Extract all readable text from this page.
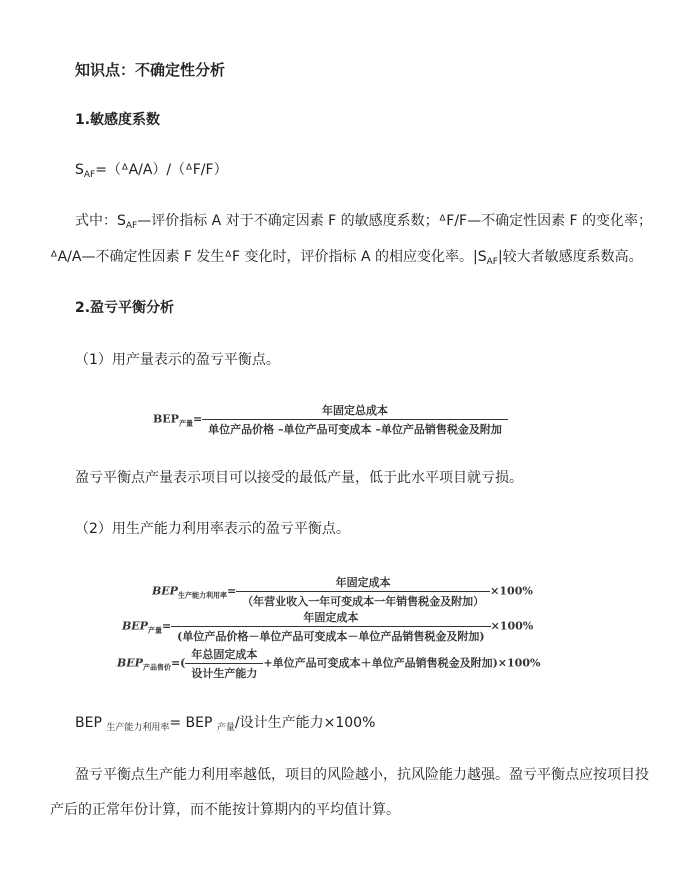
知识点：不确定性分析
1.敏感度系数
$S_{AF}=(ᐞA/A)/(ᐞF/F)$
式中：$S_{AF}—$评价指标 A 对于不确定因素 F 的敏感度系数；ᐞF/F—不确定性因素 F 的变化率；
ᐞA/A—不确定性因素 F 发生ᐞF 变化时，评价指标 A 的相应变化率。$|S_{AF}|$较大者敏感度系数高。
2.盈亏平衡分析
（1）用产量表示的盈亏平衡点。
$BEP_{产量}= \frac{\text{年固定总成本}}{\text{单位产品价格 –单位产品可变成本 –单位产品销售税金及附加}}$
盈亏平衡点产量表示项目可以接受的最低产量，低于此水平项目就亏损。
（2）用生产能力利用率表示的盈亏平衡点。
$BEP_{生产能力利用率}= \frac{\text{年固定成本}}{\text{（年营业收入一年可变成本一年销售税金及附加）}} \times 100\%$
$BEP_{产量}= \frac{\text{年固定成本}}{\text{(单位产品价格－单位产品可变成本－单位产品销售税金及附加)}} \times 100\%$
$BEP_{产品售价}=( \frac{\text{年总固定成本}}{\text{设计生产能力}}$ +单位产品可变成本＋单位产品销售税金及附加)×100%
BEP $_{生产能力利用率}$= BEP $_{产量}$/设计生产能力×100%
盈亏平衡点生产能力利用率越低，项目的风险越小，抗风险能力越强。盈亏平衡点应按项目投
产后的正常年份计算，而不能按计算期内的平均值计算。
